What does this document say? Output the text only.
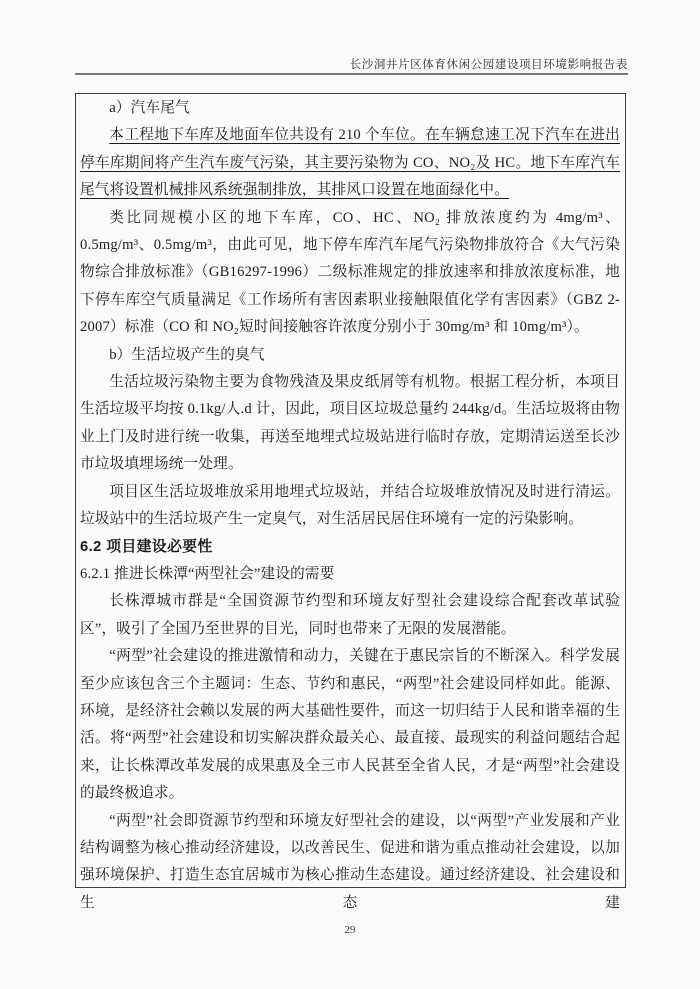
长沙洞井片区体育休闲公园建设项目环境影响报告表

a）汽车尾气

本工程地下车库及地面车位共设有 210 个车位。在车辆怠速工况下汽车在进出停车库期间将产生汽车废气污染，其主要污染物为 CO、NO₂及 HC。地下车库汽车尾气将设置机械排风系统强制排放，其排风口设置在地面绿化中。

类比同规模小区的地下车库，CO、HC、NO₂ 排放浓度约为 4mg/m³、0.5mg/m³、0.5mg/m³，由此可见，地下停车库汽车尾气污染物排放符合《大气污染物综合排放标准》（GB16297-1996）二级标准规定的排放速率和排放浓度标准，地下停车库空气质量满足《工作场所有害因素职业接触限值化学有害因素》（GBZ 2-2007）标准（CO 和 NO₂短时间接触容许浓度分别小于 30mg/m³ 和 10mg/m³）。

b）生活垃圾产生的臭气

生活垃圾污染物主要为食物残渣及果皮纸屑等有机物。根据工程分析，本项目生活垃圾平均按 0.1kg/人.d 计，因此，项目区垃圾总量约 244kg/d。生活垃圾将由物业上门及时进行统一收集，再送至地埋式垃圾站进行临时存放，定期清运送至长沙市垃圾填埋场统一处理。

项目区生活垃圾堆放采用地埋式垃圾站，并结合垃圾堆放情况及时进行清运。垃圾站中的生活垃圾产生一定臭气，对生活居民居住环境有一定的污染影响。

6.2 项目建设必要性

6.2.1 推进长株潭“两型社会”建设的需要

长株潭城市群是“全国资源节约型和环境友好型社会建设综合配套改革试验区”，吸引了全国乃至世界的目光，同时也带来了无限的发展潜能。

“两型”社会建设的推进激情和动力，关键在于惠民宗旨的不断深入。科学发展至少应该包含三个主题词：生态、节约和惠民，“两型”社会建设同样如此。能源、环境，是经济社会赖以发展的两大基础性要件，而这一切归结于人民和谐幸福的生活。将“两型”社会建设和切实解决群众最关心、最直接、最现实的利益问题结合起来，让长株潭改革发展的成果惠及全三市人民甚至全省人民，才是“两型”社会建设的最终极追求。

“两型”社会即资源节约型和环境友好型社会的建设，以“两型”产业发展和产业结构调整为核心推动经济建设，以改善民生、促进和谐为重点推动社会建设，以加强环境保护、打造生态宜居城市为核心推动生态建设。通过经济建设、社会建设和生态建

29
